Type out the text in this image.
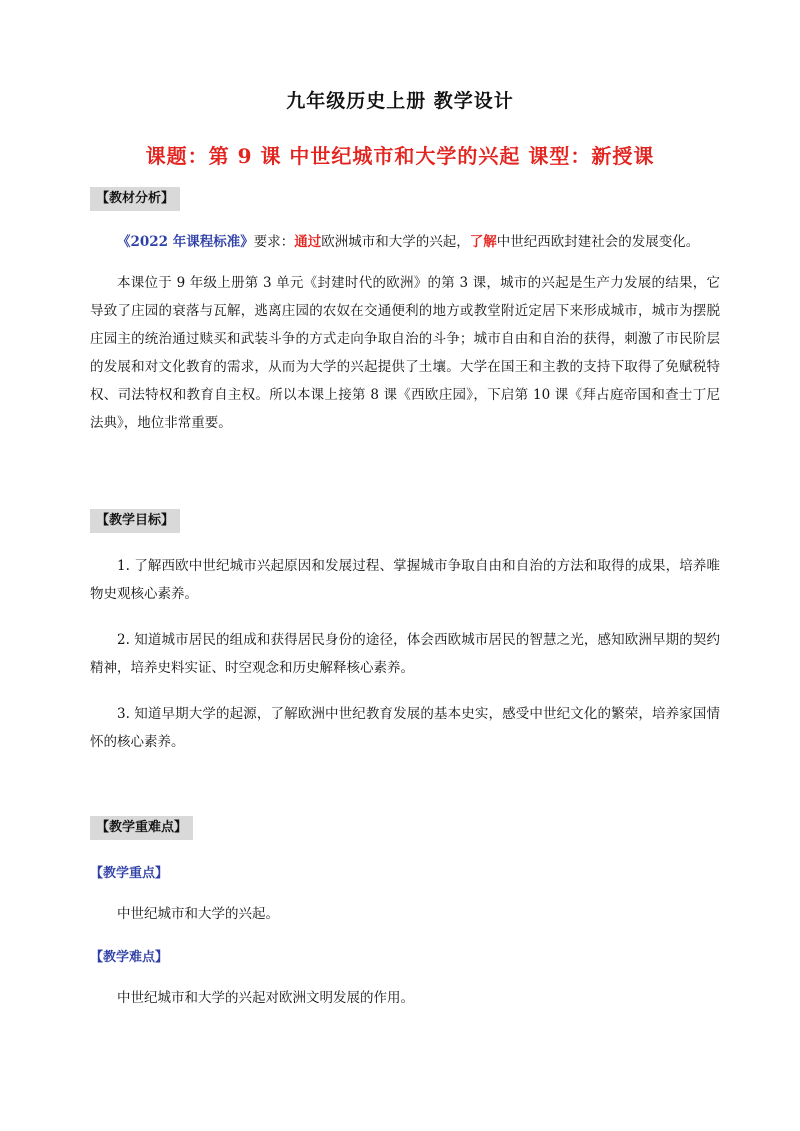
九年级历史上册 教学设计
课题：第 9 课 中世纪城市和大学的兴起 课型：新授课
【教材分析】

《2022 年课程标准》要求：通过欧洲城市和大学的兴起，了解中世纪西欧封建社会的发展变化。

本课位于 9 年级上册第 3 单元《封建时代的欧洲》的第 3 课，城市的兴起是生产力发展的结果，它导致了庄园的衰落与瓦解，逃离庄园的农奴在交通便利的地方或教堂附近定居下来形成城市，城市为摆脱庄园主的统治通过赎买和武装斗争的方式走向争取自治的斗争；城市自由和自治的获得，刺激了市民阶层的发展和对文化教育的需求，从而为大学的兴起提供了土壤。大学在国王和主教的支持下取得了免赋税特权、司法特权和教育自主权。所以本课上接第 8 课《西欧庄园》，下启第 10 课《拜占庭帝国和查士丁尼法典》，地位非常重要。

【教学目标】

1. 了解西欧中世纪城市兴起原因和发展过程、掌握城市争取自由和自治的方法和取得的成果，培养唯物史观核心素养。

2. 知道城市居民的组成和获得居民身份的途径，体会西欧城市居民的智慧之光，感知欧洲早期的契约精神，培养史料实证、时空观念和历史解释核心素养。

3. 知道早期大学的起源，了解欧洲中世纪教育发展的基本史实，感受中世纪文化的繁荣，培养家国情怀的核心素养。

【教学重难点】
【教学重点】

中世纪城市和大学的兴起。

【教学难点】

中世纪城市和大学的兴起对欧洲文明发展的作用。
